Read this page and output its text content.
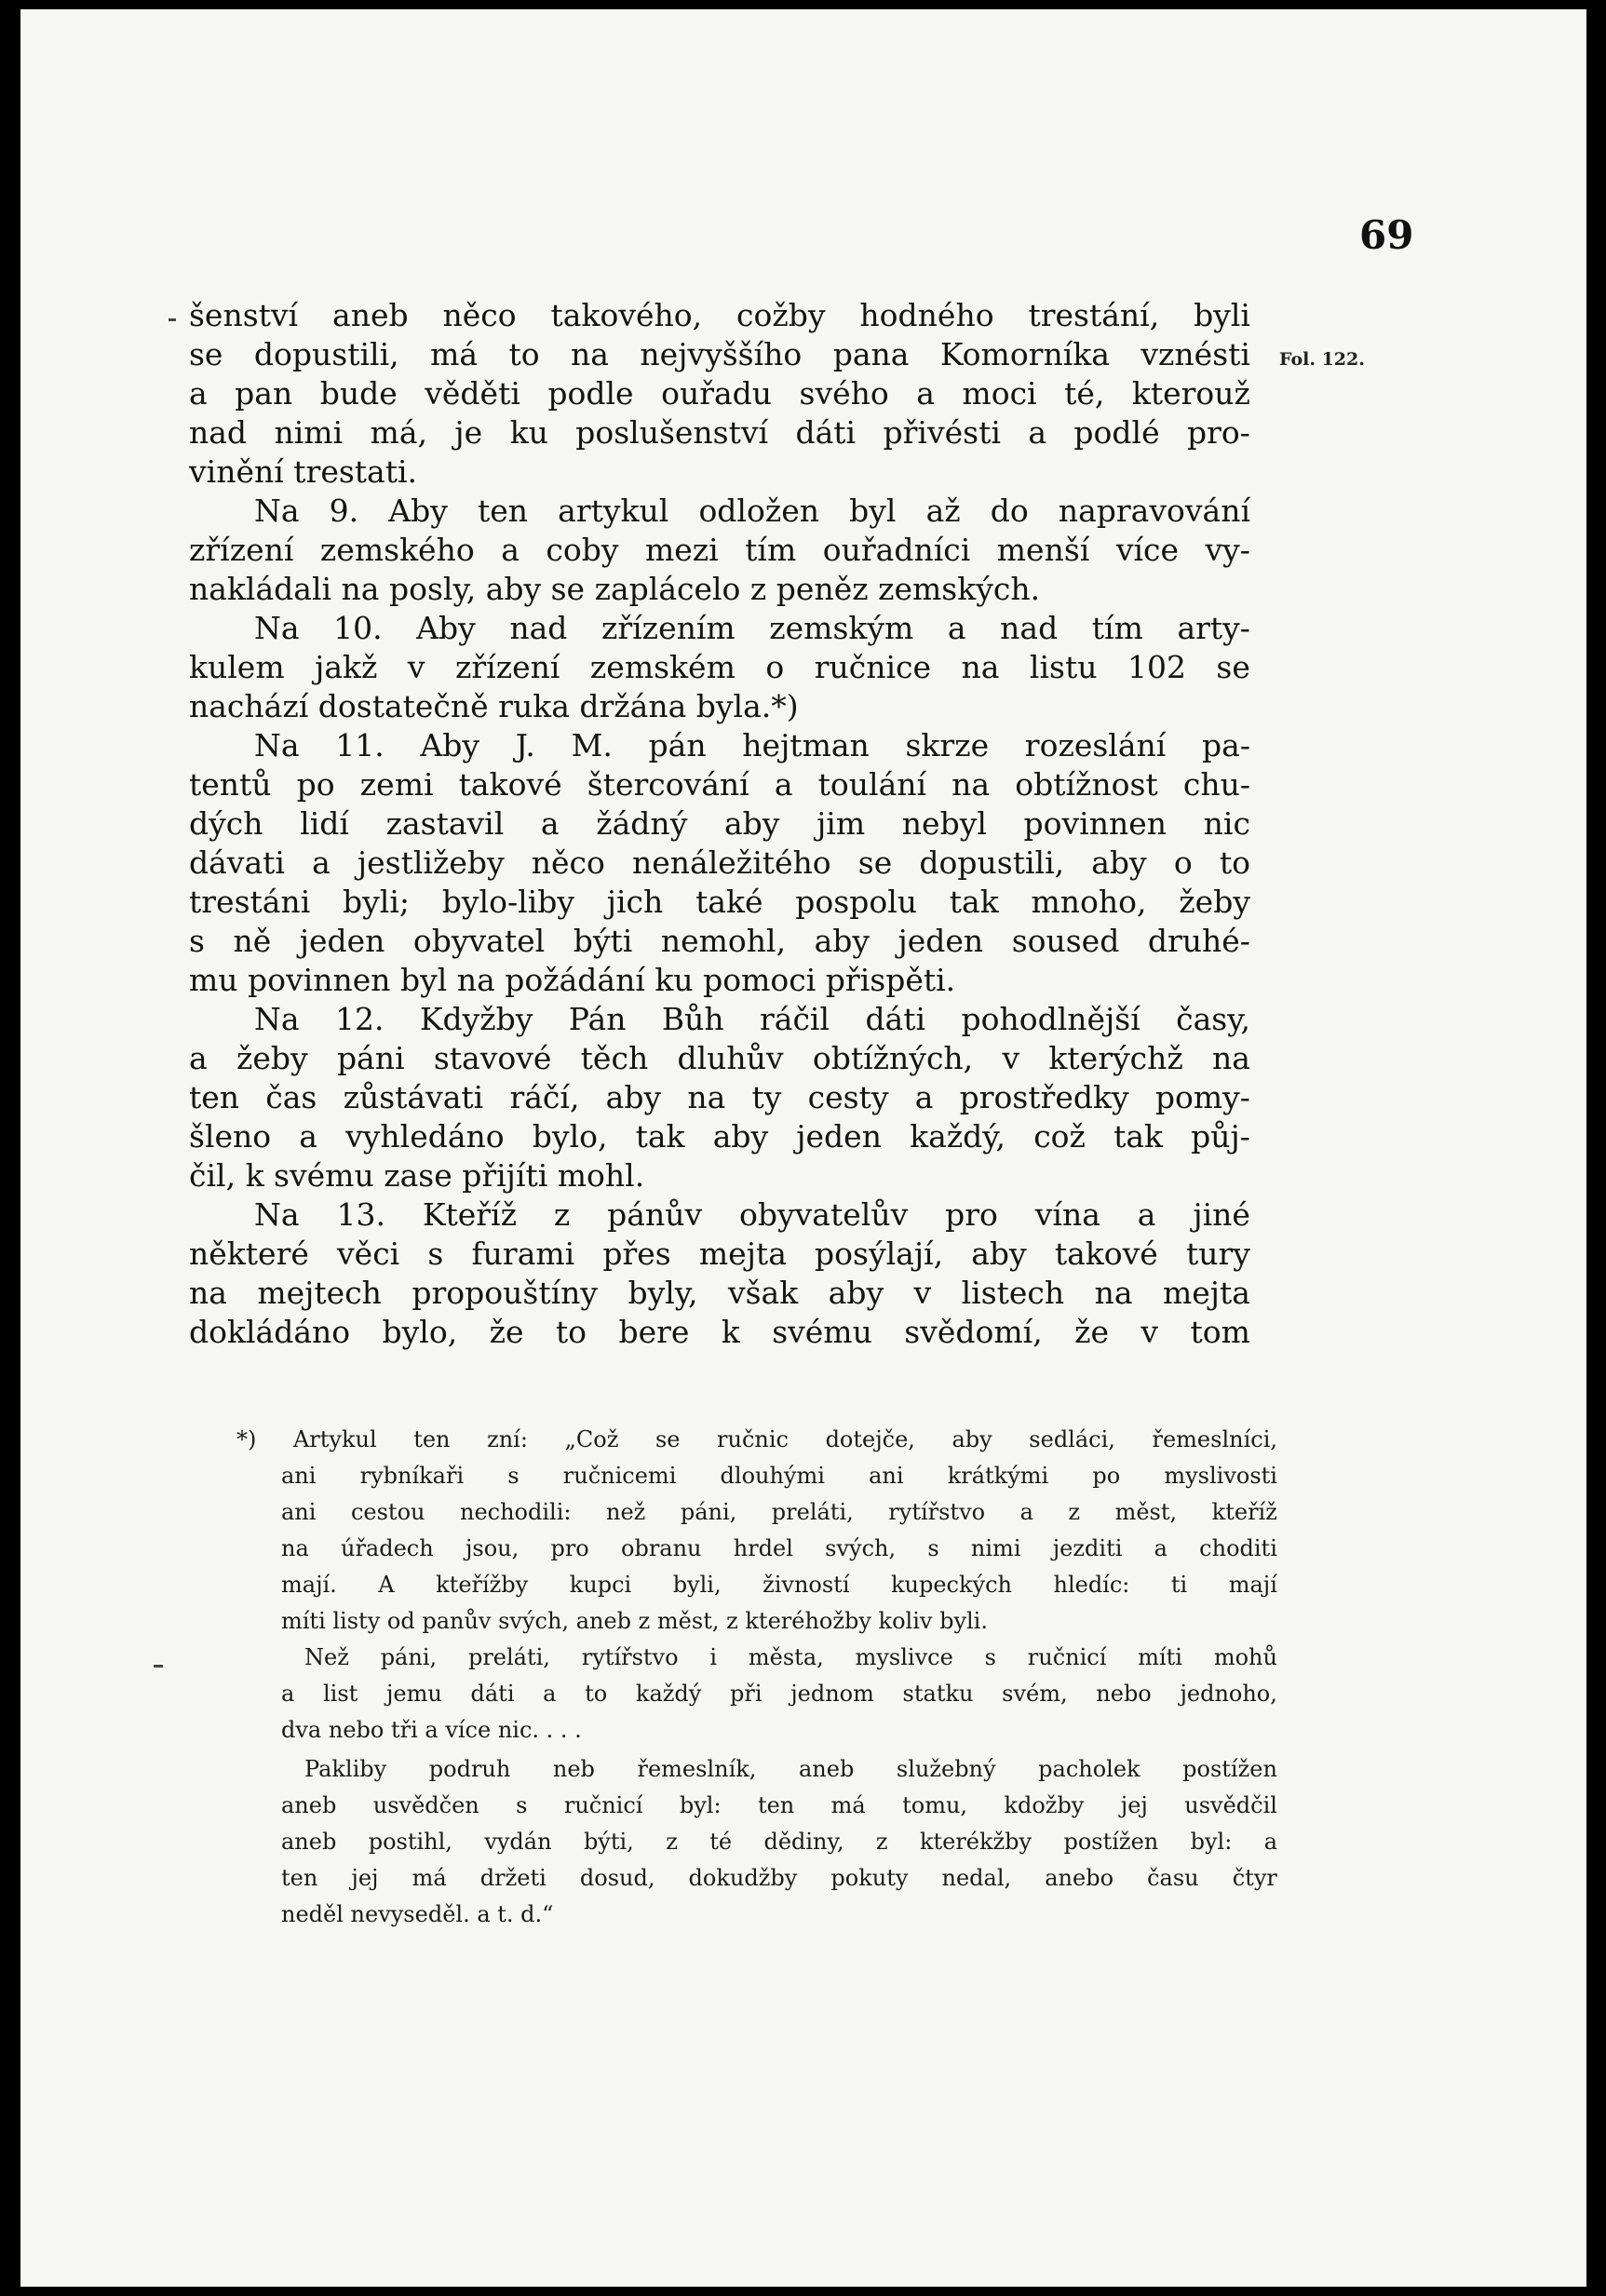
69
Fol. 122.
šenství aneb něco takového, cožby hodného trestání, byli
se dopustili, má to na nejvyššího pana Komorníka vznésti
a pan bude věděti podle ouřadu svého a moci té, kterouž
nad nimi má, je ku poslušenství dáti přivésti a podlé pro-
vinění trestati.
Na 9. Aby ten artykul odložen byl až do napravování
zřízení zemského a coby mezi tím ouřadníci menší více vy-
nakládali na posly, aby se zaplácelo z peněz zemských.
Na 10. Aby nad zřízením zemským a nad tím arty-
kulem jakž v zřízení zemském o ručnice na listu 102 se
nachází dostatečně ruka držána byla.*)
Na 11. Aby J. M. pán hejtman skrze rozeslání pa-
tentů po zemi takové štercování a toulání na obtížnost chu-
dých lidí zastavil a žádný aby jim nebyl povinnen nic
dávati a jestližeby něco nenáležitého se dopustili, aby o to
trestáni byli; bylo-liby jich také pospolu tak mnoho, žeby
s ně jeden obyvatel býti nemohl, aby jeden soused druhé-
mu povinnen byl na požádání ku pomoci přispěti.
Na 12. Kdyžby Pán Bůh ráčil dáti pohodlnější časy,
a žeby páni stavové těch dluhův obtížných, v kterýchž na
ten čas zůstávati ráčí, aby na ty cesty a prostředky pomy-
šleno a vyhledáno bylo, tak aby jeden každý, což tak půj-
čil, k svému zase přijíti mohl.
Na 13. Kteříž z pánův obyvatelův pro vína a jiné
některé věci s furami přes mejta posýlají, aby takové tury
na mejtech propouštíny byly, však aby v listech na mejta
dokládáno bylo, že to bere k svému svědomí, že v tom
*) Artykul ten zní: „Což se ručnic dotejče, aby sedláci, řemeslníci,
ani rybníkaři s ručnicemi dlouhými ani krátkými po myslivosti
ani cestou nechodili: než páni, preláti, rytířstvo a z měst, kteříž
na úřadech jsou, pro obranu hrdel svých, s nimi jezditi a choditi
mají. A kteřížby kupci byli, živností kupeckých hledíc: ti mají
míti listy od panův svých, aneb z měst, z kteréhožby koliv byli.
Než páni, preláti, rytířstvo i města, myslivce s ručnicí míti mohů
a list jemu dáti a to každý při jednom statku svém, nebo jednoho,
dva nebo tři a více nic. . . .
Pakliby podruh neb řemeslník, aneb služebný pacholek postížen
aneb usvědčen s ručnicí byl: ten má tomu, kdožby jej usvědčil
aneb postihl, vydán býti, z té dědiny, z kterékžby postížen byl: a
ten jej má držeti dosud, dokudžby pokuty nedal, anebo času čtyr
neděl nevyseděl. a t. d.“
